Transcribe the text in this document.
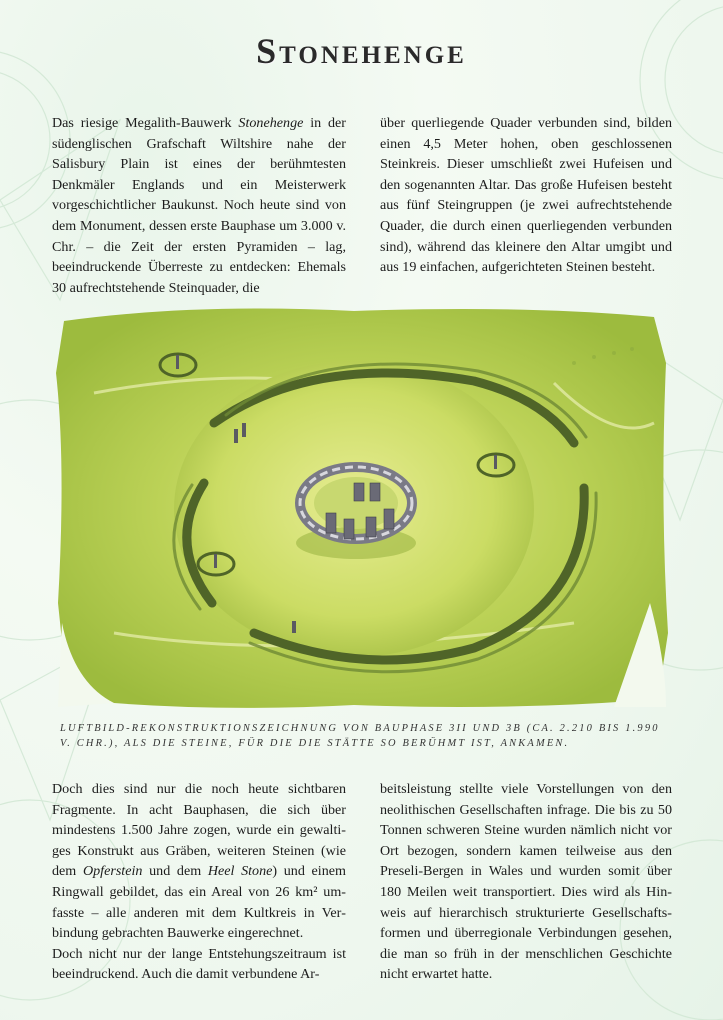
Stonehenge

Das riesige Megalith-Bauwerk Stonehenge in der südenglischen Grafschaft Wiltshire nahe der Salisbury Plain ist eines der berühmtesten Denkmäler Englands und ein Meisterwerk vorgeschichtlicher Baukunst. Noch heute sind von dem Monument, dessen erste Bauphase um 3.000 v. Chr. – die Zeit der ersten Pyramiden – lag, beeindruckende Überreste zu entdecken: Ehemals 30 aufrechtstehende Steinquader, die

über querliegende Quader verbunden sind, bilden einen 4,5 Meter hohen, oben geschlossenen Steinkreis. Dieser umschließt zwei Hufeisen und den sogenannten Altar. Das große Hufeisen besteht aus fünf Steingruppen (je zwei aufrechtstehende Quader, die durch einen querliegenden verbunden sind), während das kleinere den Altar umgibt und aus 19 einfachen, aufgerichteten Steinen besteht.

LUFTBILD-REKONSTRUKTIONSZEICHNUNG VON BAUPHASE 3II UND 3B (CA. 2.210 BIS 1.990 V. CHR.), ALS DIE STEINE, FÜR DIE DIE STÄTTE SO BERÜHMT IST, ANKAMEN.

Doch dies sind nur die noch heute sichtbaren Fragmente. In acht Bauphasen, die sich über mindestens 1.500 Jahre zogen, wurde ein gewaltiges Konstrukt aus Gräben, weiteren Steinen (wie dem Opferstein und dem Heel Stone) und einem Ringwall gebildet, das ein Areal von 26 km² umfasste – alle anderen mit dem Kultkreis in Verbindung gebrachten Bauwerke eingerechnet.

Doch nicht nur der lange Entstehungszeitraum ist beeindruckend. Auch die damit verbundene Ar-

beitsleistung stellte viele Vorstellungen von den neolithischen Gesellschaften infrage. Die bis zu 50 Tonnen schweren Steine wurden nämlich nicht vor Ort bezogen, sondern kamen teilweise aus den Preseli-Bergen in Wales und wurden somit über 180 Meilen weit transportiert. Dies wird als Hinweis auf hierarchisch strukturierte Gesellschaftsformen und überregionale Verbindungen gesehen, die man so früh in der menschlichen Geschichte nicht erwartet hatte.
